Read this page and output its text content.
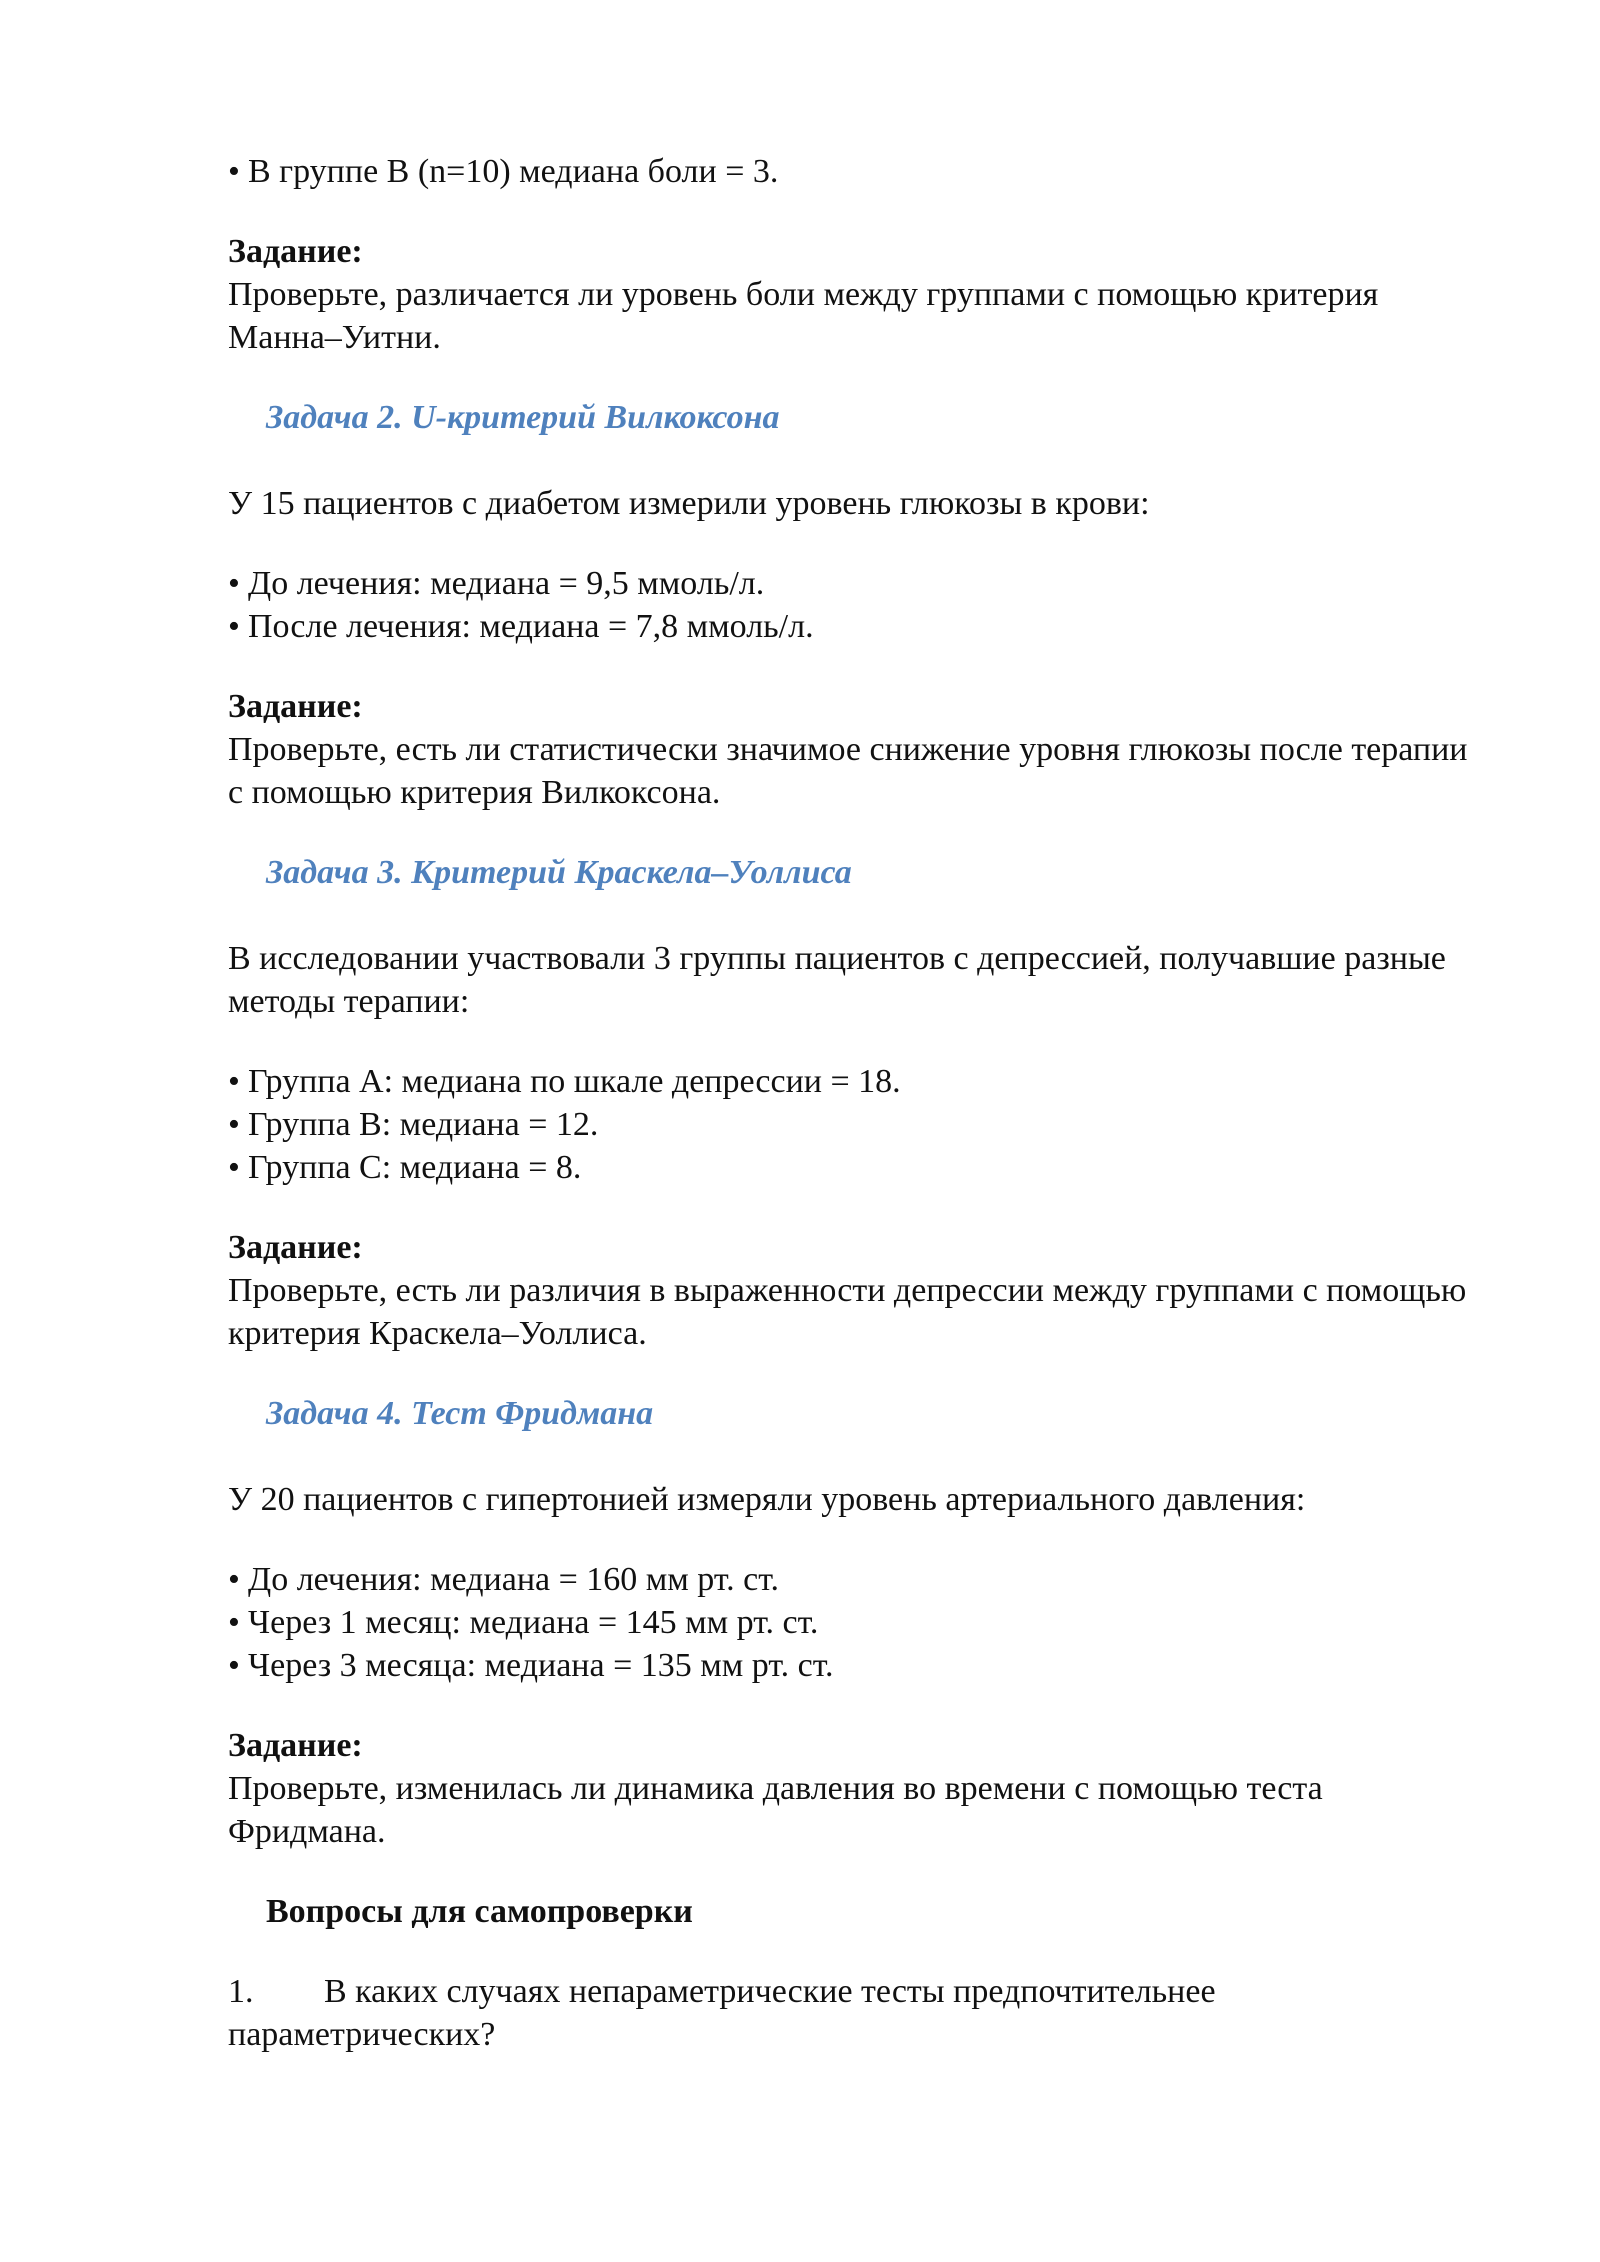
• В группе В (n=10) медиана боли = 3.
Задание:

Проверьте, различается ли уровень боли между группами с помощью критерия Манна–Уитни.

Задача 2. U-критерий Вилкоксона

У 15 пациентов с диабетом измерили уровень глюкозы в крови:

• До лечения: медиана = 9,5 ммоль/л.
• После лечения: медиана = 7,8 ммоль/л.
Задание:

Проверьте, есть ли статистически значимое снижение уровня глюкозы после терапии с помощью критерия Вилкоксона.

Задача 3. Критерий Краскела–Уоллиса

В исследовании участвовали 3 группы пациентов с депрессией, получавшие разные методы терапии:

• Группа А: медиана по шкале депрессии = 18.
• Группа В: медиана = 12.
• Группа С: медиана = 8.
Задание:

Проверьте, есть ли различия в выраженности депрессии между группами с помощью критерия Краскела–Уоллиса.

Задача 4. Тест Фридмана

У 20 пациентов с гипертонией измеряли уровень артериального давления:

• До лечения: медиана = 160 мм рт. ст.
• Через 1 месяц: медиана = 145 мм рт. ст.
• Через 3 месяца: медиана = 135 мм рт. ст.
Задание:

Проверьте, изменилась ли динамика давления во времени с помощью теста Фридмана.

Вопросы для самопроверки
1. В каких случаях непараметрические тесты предпочтительнее параметрических?
